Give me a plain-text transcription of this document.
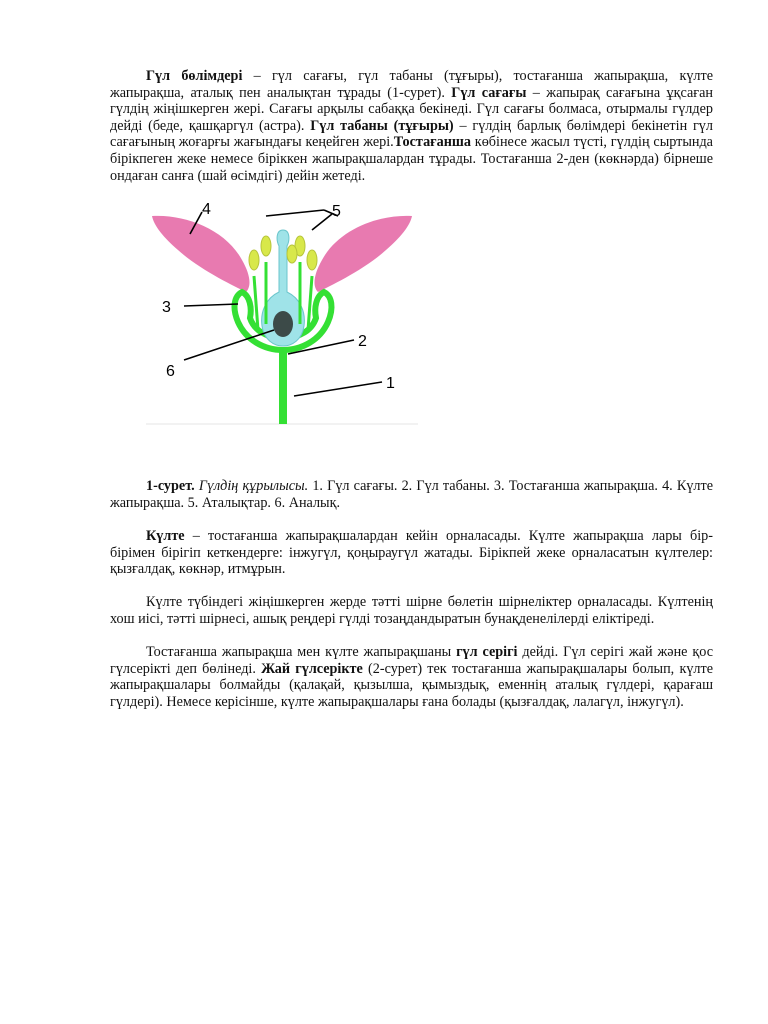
Гүл бөлімдері – гүл сағағы, гүл табаны (тұғыры), тостағанша жапырақша, күлте жапырақша, аталық пен аналықтан тұрады (1-сурет). Гүл сағағы – жапырақ сағағына ұқсаған гүлдің жіңішкерген жері. Сағағы арқылы сабаққа бекінеді. Гүл сағағы болмаса, отырмалы гүлдер дейді (беде, қашқаргүл (астра). Гүл табаны (тұғыры) – гүлдің барлық бөлімдері бекінетін гүл сағағының жоғарғы жағындағы кеңейген жері.Тостағанша көбінесе жасыл түсті, гүлдің сыртында бірікпеген жеке немесе біріккен жапырақшалардан тұрады. Тостағанша 2-ден (көкнәрда) бірнеше ондаған санға (шай өсімдігі) дейін жетеді.

1
2
3
4	5
6

1-сурет. Гүлдің құрылысы. 1. Гүл сағағы. 2. Гүл табаны. 3. Тостағанша жапырақша. 4. Күлте жапырақша. 5. Аталықтар. 6. Аналық.

Күлте – тостағанша жапырақшалардан кейін орналасады. Күлте жапырақша лары бір-бірімен бірігіп кеткендерге: інжугүл, қоңыраугүл жатады. Бірікпей жеке орналасатын күлтелер: қызғалдақ, көкнәр, итмұрын.

Күлте түбіндегі жіңішкерген жерде тәтті шірне бөлетін шірнеліктер орналасады. Күлтенің хош иісі, тәтті шірнесі, ашық реңдері гүлді тозаңдандыратын бунақденелілерді еліктіреді.

Тостағанша жапырақша мен күлте жапырақшаны гүл серігі дейді. Гүл серігі жай және қос гүлсерікті деп бөлінеді. Жай гүлсерікте (2-сурет) тек тостағанша жапырақшалары болып, күлте жапырақшалары болмайды (қалақай, қызылша, қымыздық, еменнің аталық гүлдері, қарағаш гүлдері). Немесе керісінше, күлте жапырақшалары ғана болады (қызғалдақ, лалагүл, інжугүл).
